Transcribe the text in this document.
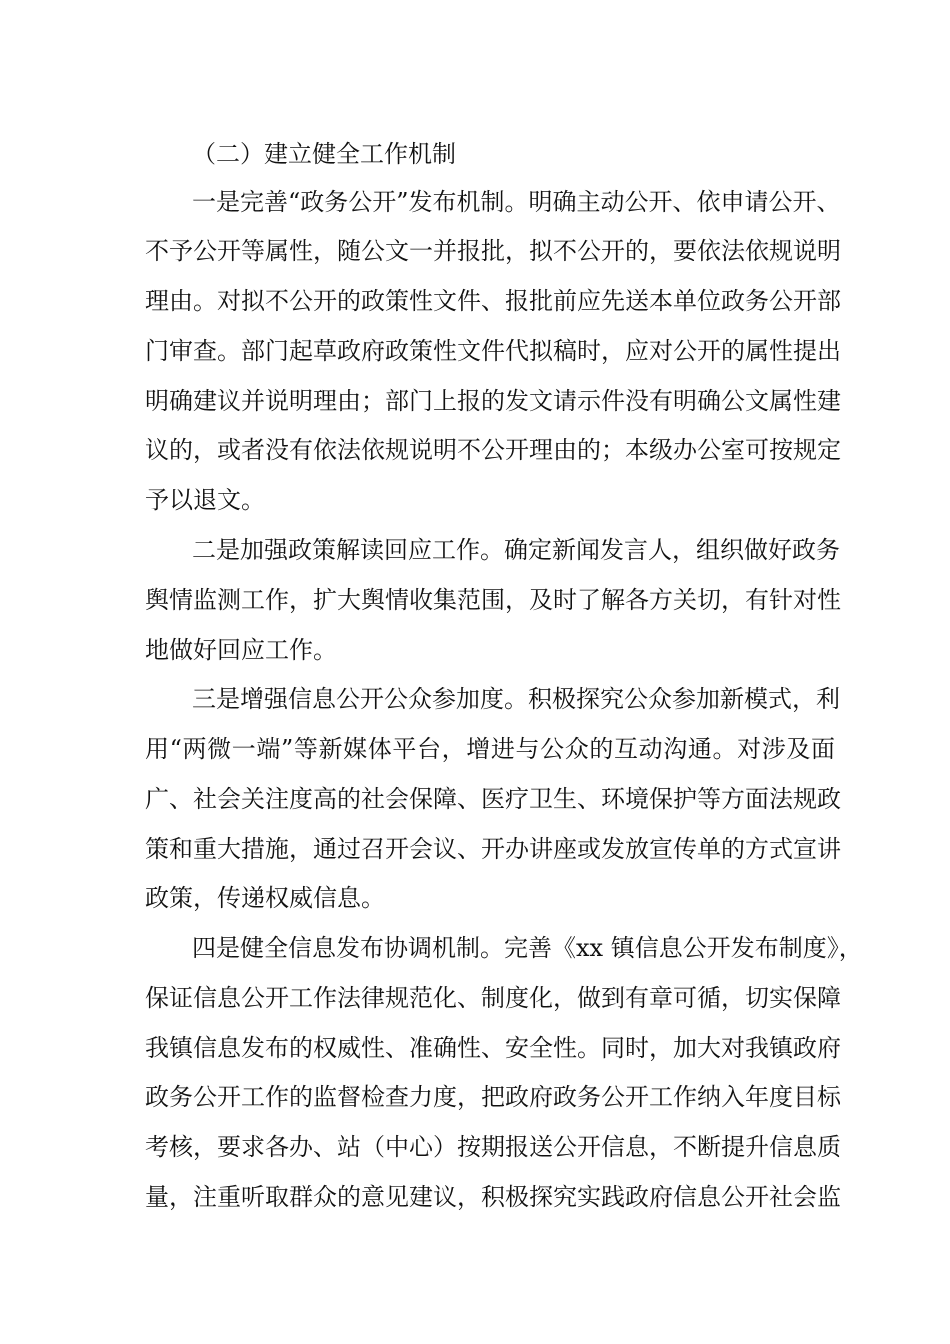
（二）建立健全工作机制
一是完善“政务公开”发布机制。明确主动公开、依申请公开、
不予公开等属性，随公文一并报批，拟不公开的，要依法依规说明
理由。对拟不公开的政策性文件、报批前应先送本单位政务公开部
门审查。部门起草政府政策性文件代拟稿时，应对公开的属性提出
明确建议并说明理由；部门上报的发文请示件没有明确公文属性建
议的，或者没有依法依规说明不公开理由的；本级办公室可按规定
予以退文。
二是加强政策解读回应工作。确定新闻发言人，组织做好政务
舆情监测工作，扩大舆情收集范围，及时了解各方关切，有针对性
地做好回应工作。
三是增强信息公开公众参加度。积极探究公众参加新模式，利
用“两微一端”等新媒体平台，增进与公众的互动沟通。对涉及面
广、社会关注度高的社会保障、医疗卫生、环境保护等方面法规政
策和重大措施，通过召开会议、开办讲座或发放宣传单的方式宣讲
政策，传递权威信息。
四是健全信息发布协调机制。完善《xx 镇信息公开发布制度》，
保证信息公开工作法律规范化、制度化，做到有章可循，切实保障
我镇信息发布的权威性、准确性、安全性。同时，加大对我镇政府
政务公开工作的监督检查力度，把政府政务公开工作纳入年度目标
考核，要求各办、站（中心）按期报送公开信息，不断提升信息质
量，注重听取群众的意见建议，积极探究实践政府信息公开社会监
